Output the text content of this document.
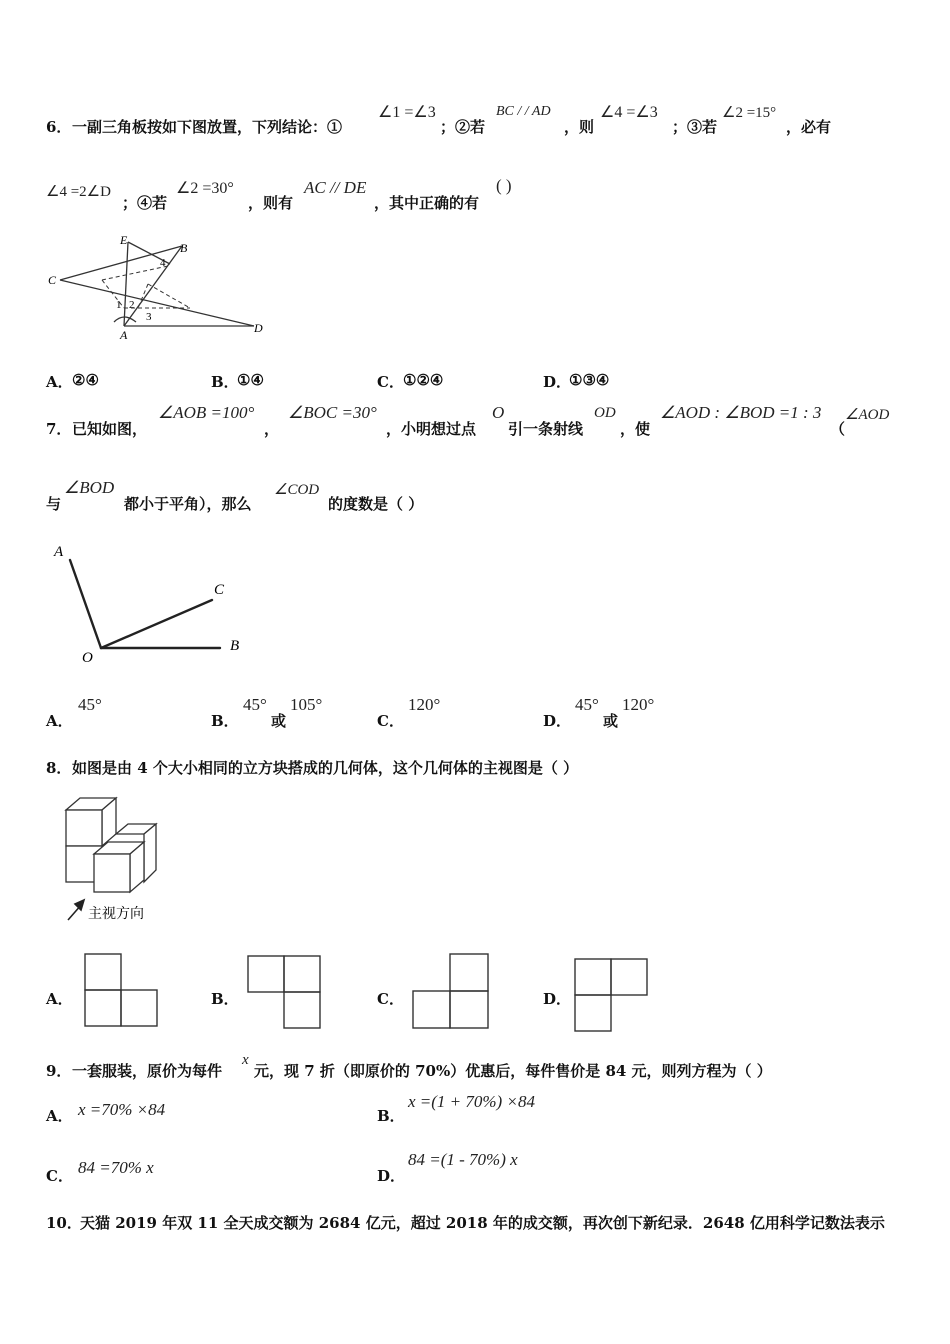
6． 一副三角板按如下图放置，下列结论：①
∠1 =∠3
；②若
BC / / AD
，则
∠4 =∠3
；③若
∠2 =15°
，必有
∠4 =2∠D
；④若
∠2 =30°
，则有
AC // DE
，其中正确的有
( )
E
B
C
4
1 2
3
A	D
A． ②④	B．
①④	C． ①②④	D．
①③④
7． 已知如图，
∠AOB =100°
，
∠BOC =30°
，小明想过点
O
引一条射线
OD
，使
∠AOD : ∠BOD =1 : 3
（
∠AOD
与
∠BOD
都小于平角），那么
∠COD
的度数是（ ）
A
C
O
B
A．
45°
B．
45°
或
105°
C．
120°
D．
45°
或
120°
8． 如图是由 4 个大小相同的立方块搭成的几何体，这个几何体的主视图是（ ）
主视方向
A．	B．	C．	D．
9． 一套服装，原价为每件
x
元，现 7 折（即原价的 70%）优惠后，每件售价是 84 元，则列方程为（ ）
A． x =70% ×84	B．
x =(1 + 70%) ×84
C． 84 =70% x	D．
84 =(1 - 70%) x
10．
天猫 2019 年双 11 全天成交额为 2684 亿元，超过 2018 年的成交额，再次创下新纪录．2648 亿用科学记数法表示
